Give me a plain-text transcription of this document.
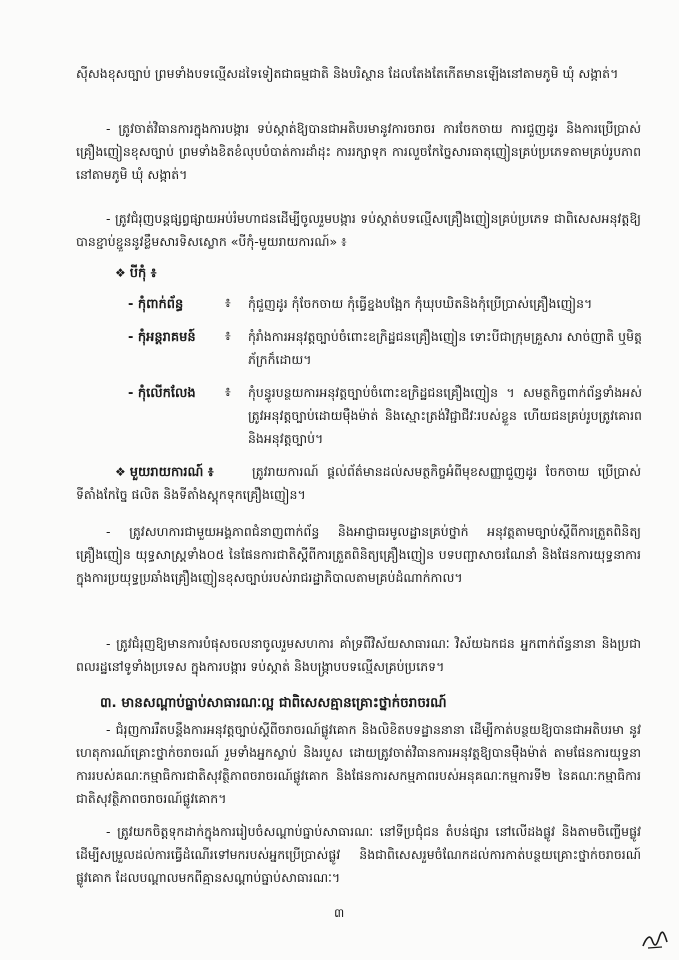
ស៊ីសង​ខុសច្បាប់ ព្រមទាំងបទល្មើសដទៃទៀតជាធម្មជាតិ និងបរិស្ថាន ដែលតែងតែកើតមានឡើងនៅតាមភូមិ ឃុំ សង្កាត់។

- ត្រូវចាត់វិធានការក្នុងការបង្ការ ទប់ស្កាត់ឱ្យបានជាអតិបរមានូវការចរាចរ ការចែកចាយ ការជួញដូរ និងការប្រើប្រាស់គ្រឿងញៀនខុសច្បាប់ ព្រមទាំងខិតខំលុបបំបាត់ការដាំដុះ ការរក្សាទុក ការលួចកែច្នៃសារធាតុញៀនគ្រប់ប្រភេទតាមគ្រប់រូបភាពនៅតាមភូមិ ឃុំ សង្កាត់។

- ត្រូវជំរុញបន្តផ្សព្វផ្សាយអប់រំមហាជនដើម្បីចូលរួមបង្ការ ទប់ស្កាត់បទល្មើសគ្រឿងញៀនគ្រប់ប្រភេទ ជាពិសេសអនុវត្តឱ្យបានខ្ជាប់ខ្ជួននូវខ្លឹមសារទិសស្លោក «បីកុំ-មួយរាយការណ៍» ៖

❖ បីកុំ ៖
- កុំពាក់ព័ន្ធ	៖ កុំជួញដូរ កុំចែកចាយ កុំធ្វើខ្នងបង្អែក កុំឃុបឃិតនិងកុំប្រើប្រាស់គ្រឿងញៀន។
- កុំអន្តរាគមន៍ ៖ កុំរាំងការអនុវត្តច្បាប់ចំពោះឧក្រិដ្ឋជនគ្រឿងញៀន ទោះបីជាក្រុមគ្រួសារ សាច់ញាតិ ឬមិត្តភ័ក្រក៏ដោយ។
- កុំលើកលែង ៖ កុំបន្ធូរបន្ថយការអនុវត្តច្បាប់ចំពោះឧក្រិដ្ឋជនគ្រឿងញៀន ។ សមត្ថកិច្ចពាក់ព័ន្ធទាំងអស់ត្រូវអនុវត្តច្បាប់ដោយម៉ឺងម៉ាត់ និងស្មោះត្រង់វិជ្ជាជីវៈរបស់ខ្លួន ហើយជនគ្រប់រូបត្រូវគោរព និងអនុវត្តច្បាប់។
❖ មួយរាយការណ៍ ៖	ត្រូវរាយការណ៍ ផ្តល់ព័ត៌មានដល់សមត្ថកិច្ចអំពីមុខសញ្ញាជួញដូរ ចែកចាយ ប្រើប្រាស់ ទីតាំងកែច្នៃ ផលិត និងទីតាំងស្តុកទុកគ្រឿងញៀន។

- ត្រូវសហការជាមួយអង្គភាពជំនាញពាក់ព័ន្ធ និងអាជ្ញាធរមូលដ្ឋានគ្រប់ថ្នាក់ អនុវត្តតាមច្បាប់ស្តីពីការត្រួតពិនិត្យគ្រឿងញៀន យុទ្ធសាស្ត្រទាំង០៥ នៃផែនការជាតិស្តីពីការត្រួតពិនិត្យគ្រឿងញៀន បទបញ្ជាសាចរណែនាំ និងផែនការយុទ្ធនាការក្នុងការប្រយុទ្ធប្រឆាំងគ្រឿងញៀនខុសច្បាប់របស់រាជរដ្ឋាភិបាលតាមគ្រប់ដំណាក់កាល។

- ត្រូវជំរុញឱ្យមានការបំផុសចលនាចូលរួមសហការ គាំទ្រពីវិស័យសាធារណៈ វិស័យឯកជន អ្នកពាក់ព័ន្ធនានា និងប្រជាពលរដ្ឋនៅទូទាំងប្រទេស ក្នុងការបង្ការ ទប់ស្កាត់ និងបង្ក្រាបបទល្មើសគ្រប់ប្រភេទ។

៣. មានសណ្តាប់ធ្នាប់សាធារណៈល្អ ជាពិសេសគ្មានគ្រោះថ្នាក់ចរាចរណ៍

- ជំរុញការរឹតបន្តឹងការអនុវត្តច្បាប់ស្តីពីចរាចរណ៍ផ្លូវគោក និងលិខិតបទដ្ឋាននានា ដើម្បីកាត់បន្ថយឱ្យបានជាអតិបរមា នូវហេតុការណ៍គ្រោះថ្នាក់ចរាចរណ៍ រួមទាំងអ្នកស្លាប់ និងរបួស ដោយត្រូវចាត់វិធានការអនុវត្តឱ្យបានម៉ឺងម៉ាត់ តាមផែនការយុទ្ធនាការរបស់គណៈកម្មាធិការជាតិសុវត្ថិភាពចរាចរណ៍ផ្លូវគោក និងផែនការសកម្មភាពរបស់អនុគណៈកម្មការទី២ នៃគណៈកម្មាធិការជាតិសុវត្ថិភាពចរាចរណ៍ផ្លូវគោក។

- ត្រូវយកចិត្តទុកដាក់ក្នុងការរៀបចំសណ្តាប់ធ្នាប់សាធារណៈ នៅទីប្រជុំជន តំបន់ផ្សារ នៅលើដងផ្លូវ និងតាមចិញ្ចើមផ្លូវ ដើម្បីសម្រួលដល់ការធ្វើដំណើរទៅមករបស់អ្នកប្រើប្រាស់ផ្លូវ និងជាពិសេសរួមចំណែកដល់ការកាត់បន្ថយគ្រោះថ្នាក់ចរាចរណ៍ផ្លូវគោក ដែលបណ្តាលមកពីគ្មានសណ្តាប់ធ្នាប់សាធារណៈ។

៣
